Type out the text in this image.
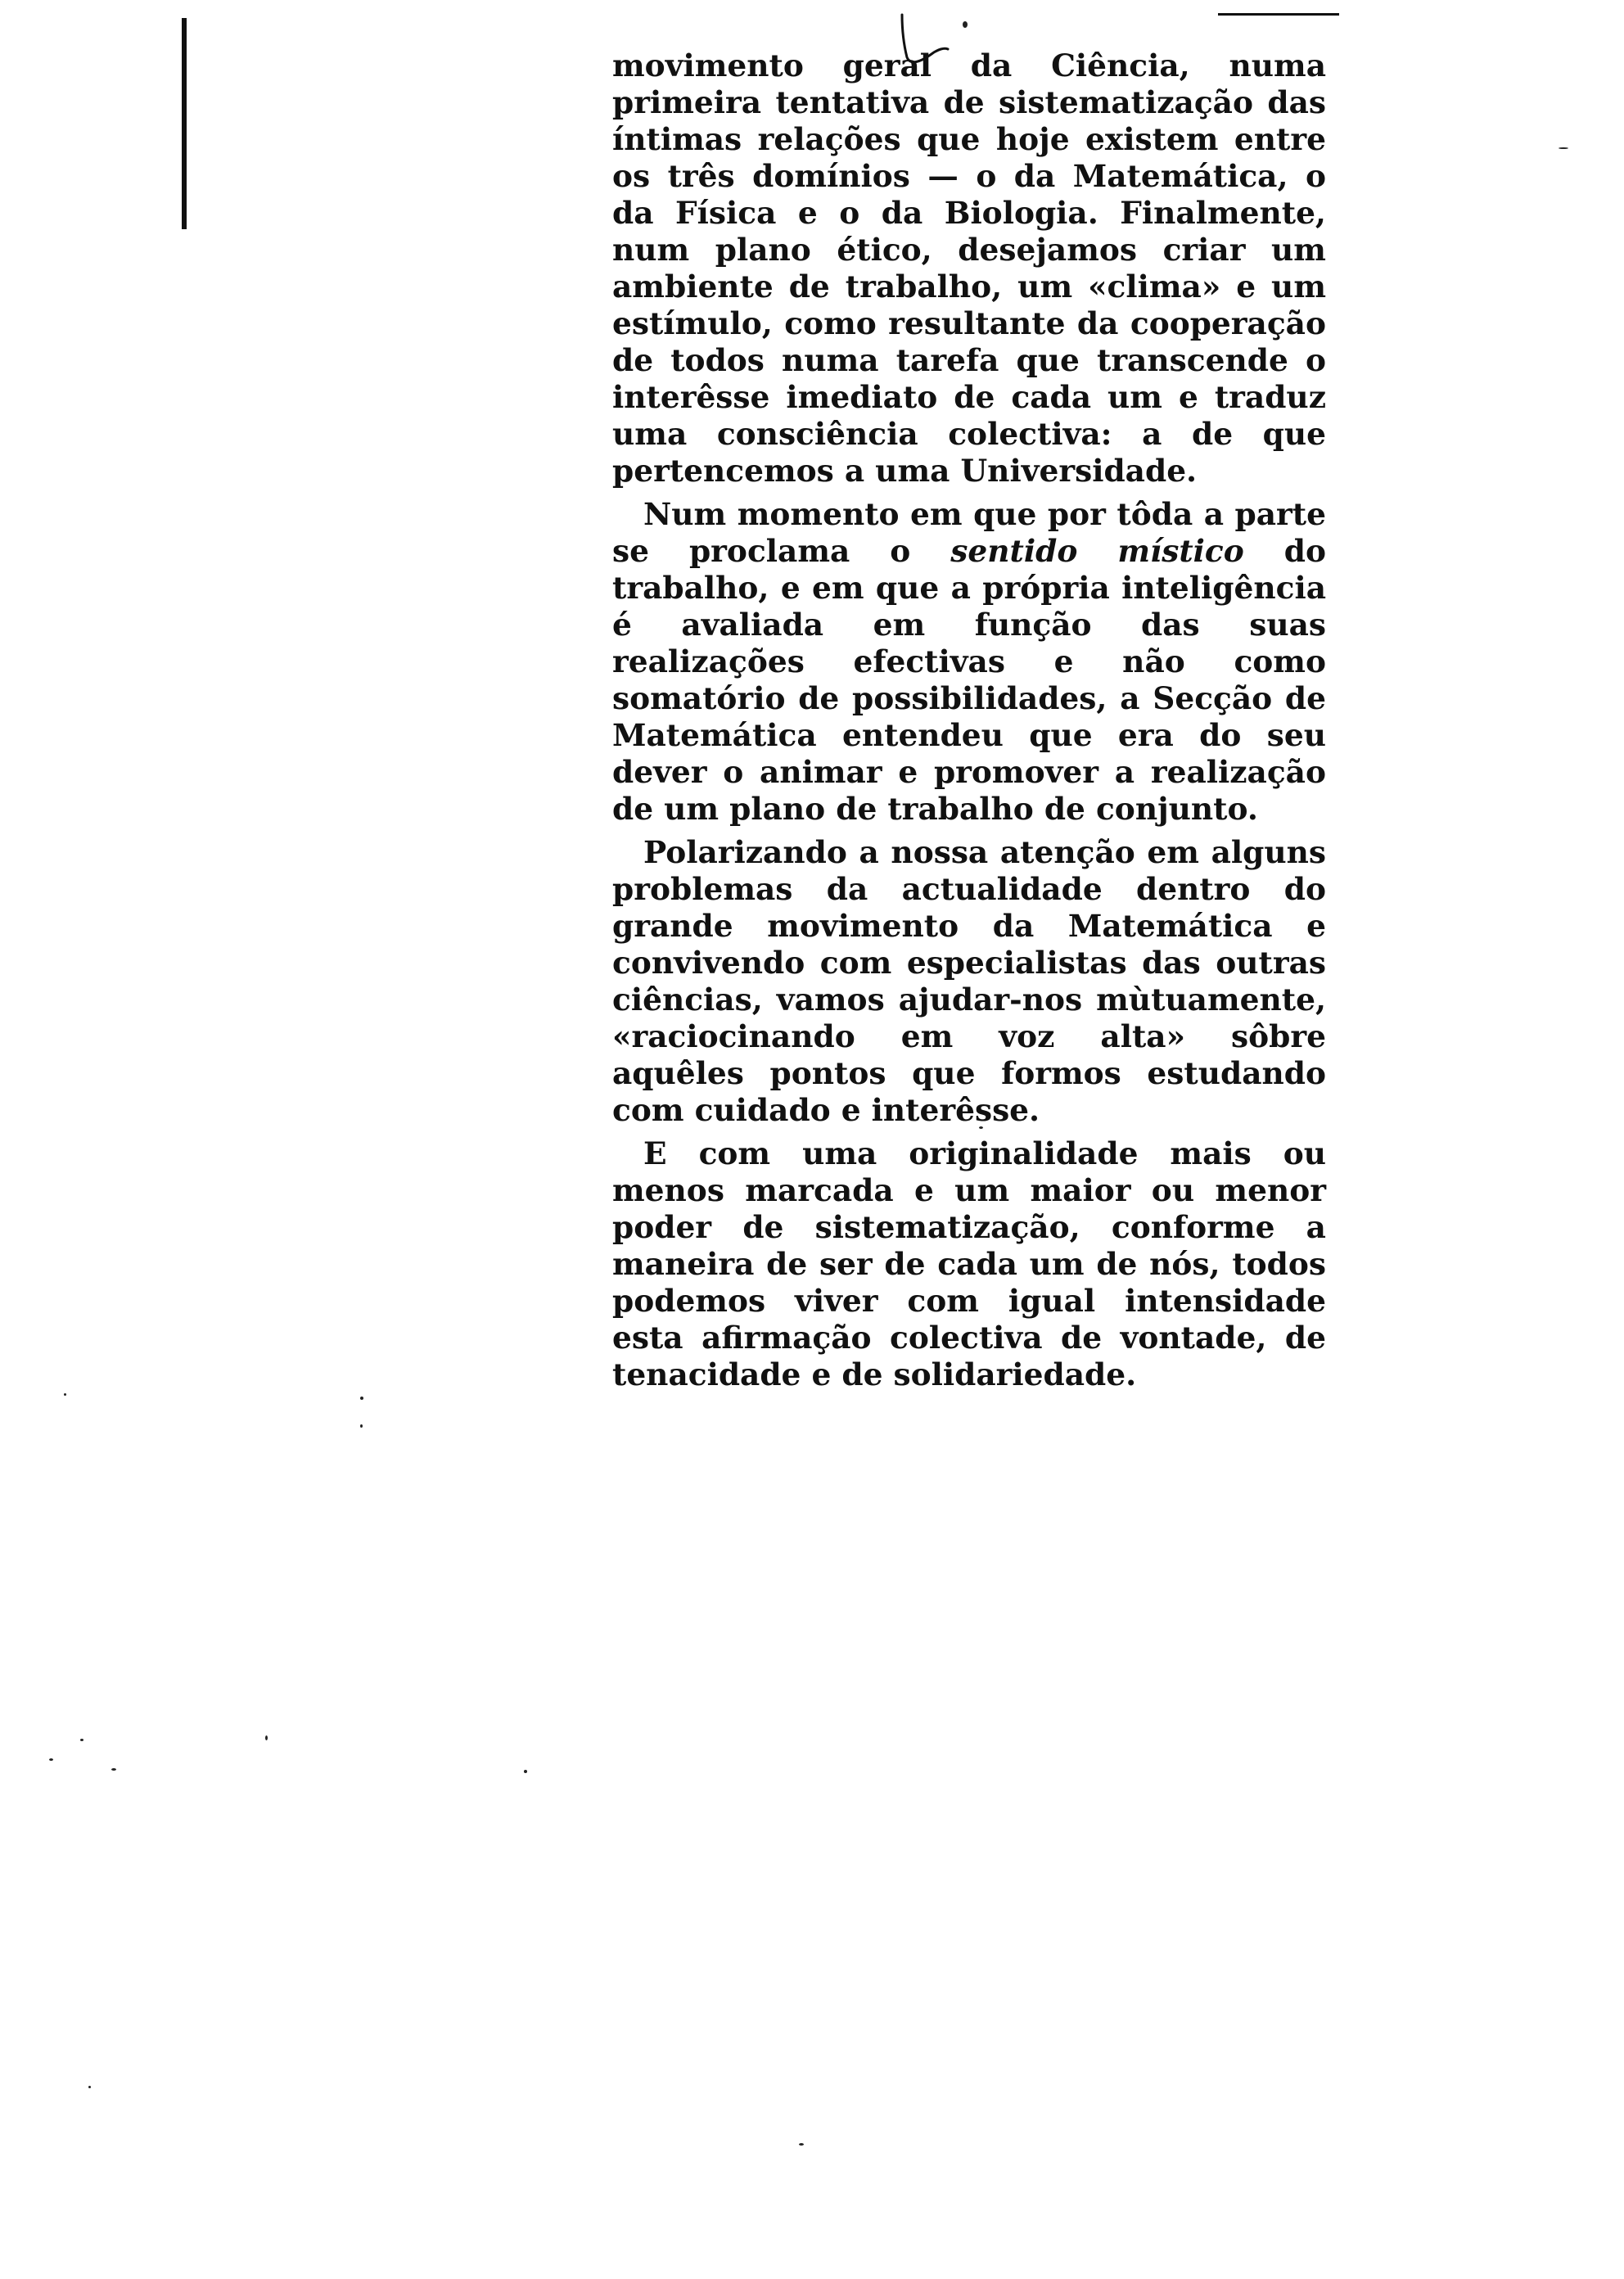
movimento geral da Ciência, numa primeira tentativa de sistematização das íntimas relações que hoje existem entre os três domínios — o da Matemática, o da Física e o da Biologia. Finalmente, num plano ético, desejamos criar um ambiente de trabalho, um «clima» e um estímulo, como resultante da cooperação de todos numa tarefa que transcende o interêsse imediato de cada um e traduz uma consciência colectiva: a de que pertencemos a uma Universidade.

Num momento em que por tôda a parte se proclama o sentido místico do trabalho, e em que a própria inteligência é avaliada em função das suas realizações efectivas e não como somatório de possibilidades, a Secção de Matemática entendeu que era do seu dever o animar e promover a realização de um plano de trabalho de conjunto.

Polarizando a nossa atenção em alguns problemas da actualidade dentro do grande movimento da Matemática e convivendo com especialistas das outras ciências, vamos ajudar-nos mùtuamente, «raciocinando em voz alta» sôbre aquêles pontos que formos estudando com cuidado e interêsse.

E com uma originalidade mais ou menos marcada e um maior ou menor poder de sistematização, conforme a maneira de ser de cada um de nós, todos podemos viver com igual intensidade esta afirmação colectiva de vontade, de tenacidade e de solidariedade.
